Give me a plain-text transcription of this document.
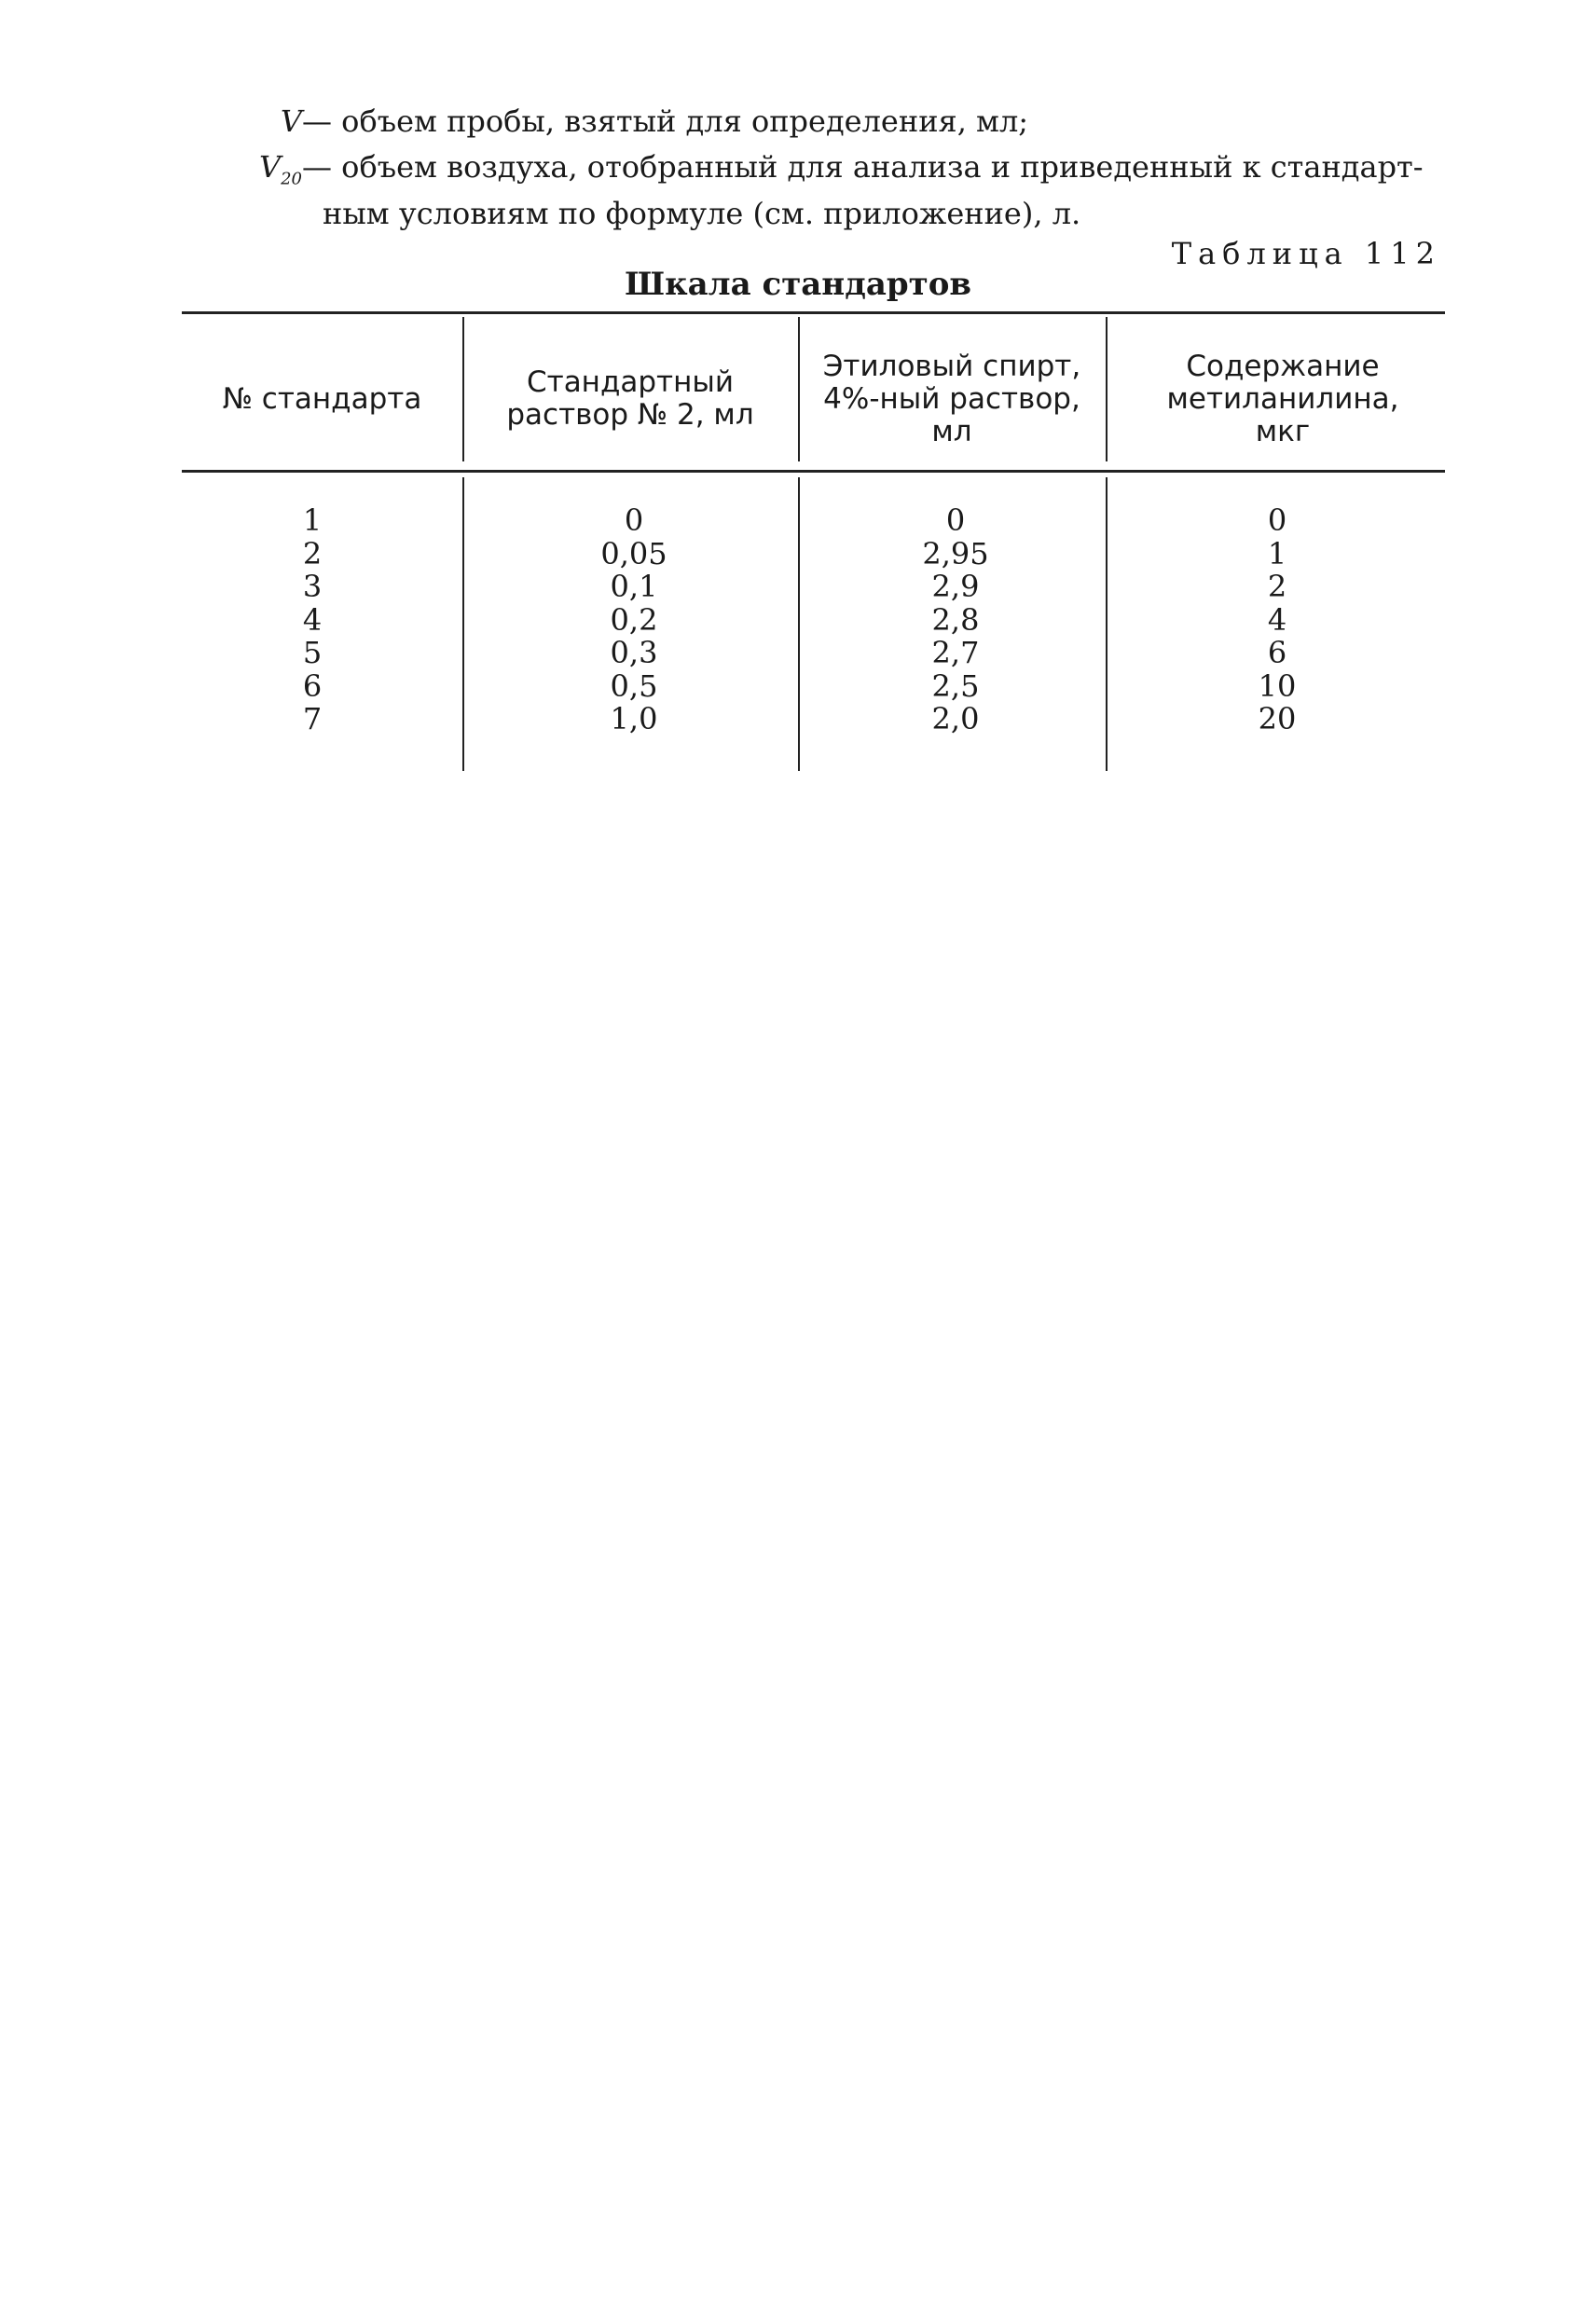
V— объем пробы, взятый для определения, мл;
$V_{20}—$ объем воздуха, отобранный для анализа и приведенный к стандарт-
ным условиям по формуле (см. приложение), л.
Таблица 112
Шкала стандартов
№ стандарта	Стандартный раствор № 2, мл
Этиловый спирт, 4%-ный раствор, мл
Содержание метиланилина, мкг
1
2
3
4
5
6
7
0
0,05
0,1
0,2
0,3
0,5
1,0
0
2,95
2,9
2,8
2,7
2,5
2,0
0
1
2
4
6
10
20
